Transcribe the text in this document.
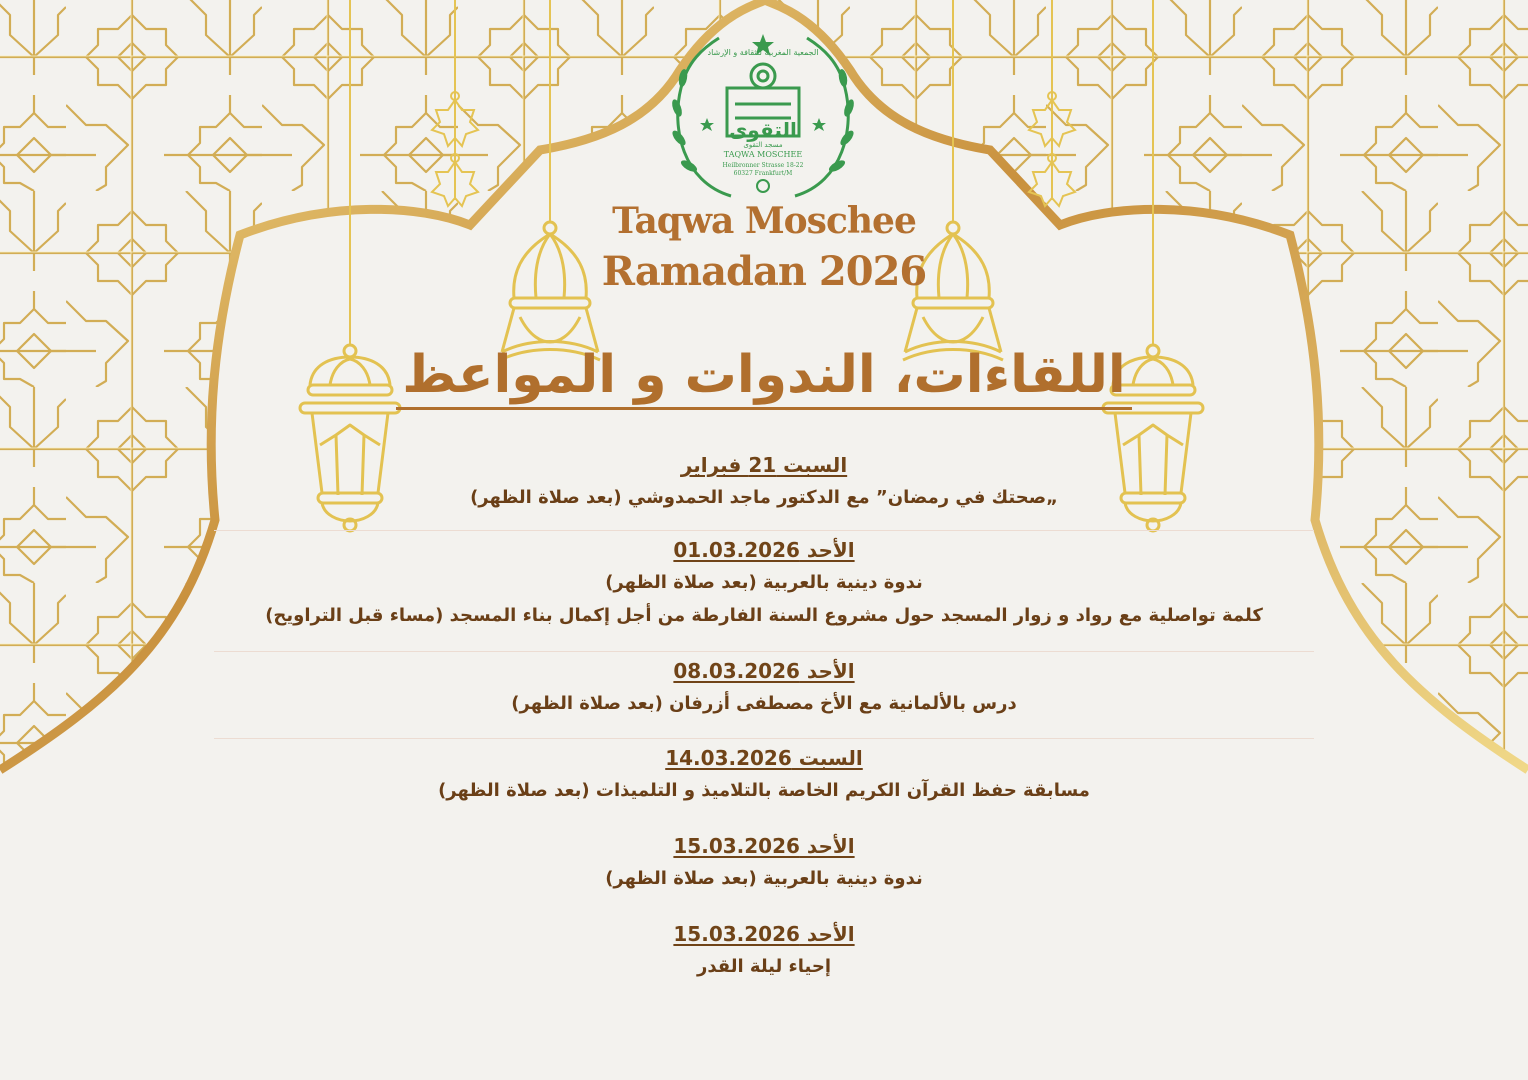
الجمعية المغربية للثقافة و الإرشاد
التقوى
مسجد التقوى
TAQWA MOSCHEE
Heilbronner Strasse 18-22
60327 Frankfurt/M
Taqwa Moschee
Ramadan 2026
اللقاءات، الندوات و المواعظ
السبت 21 فبراير
„صحتك في رمضان” مع الدكتور ماجد الحمدوشي (بعد صلاة الظهر)
الأحد 01.03.2026
ندوة دينية بالعربية (بعد صلاة الظهر)
كلمة تواصلية مع رواد و زوار المسجد حول مشروع السنة الفارطة من أجل إكمال بناء المسجد (مساء قبل التراويح)
الأحد 08.03.2026
درس بالألمانية مع الأخ مصطفى أزرفان (بعد صلاة الظهر)
السبت 14.03.2026
مسابقة حفظ القرآن الكريم الخاصة بالتلاميذ و التلميذات (بعد صلاة الظهر)
الأحد 15.03.2026
ندوة دينية بالعربية (بعد صلاة الظهر)
الأحد 15.03.2026
إحياء ليلة القدر
